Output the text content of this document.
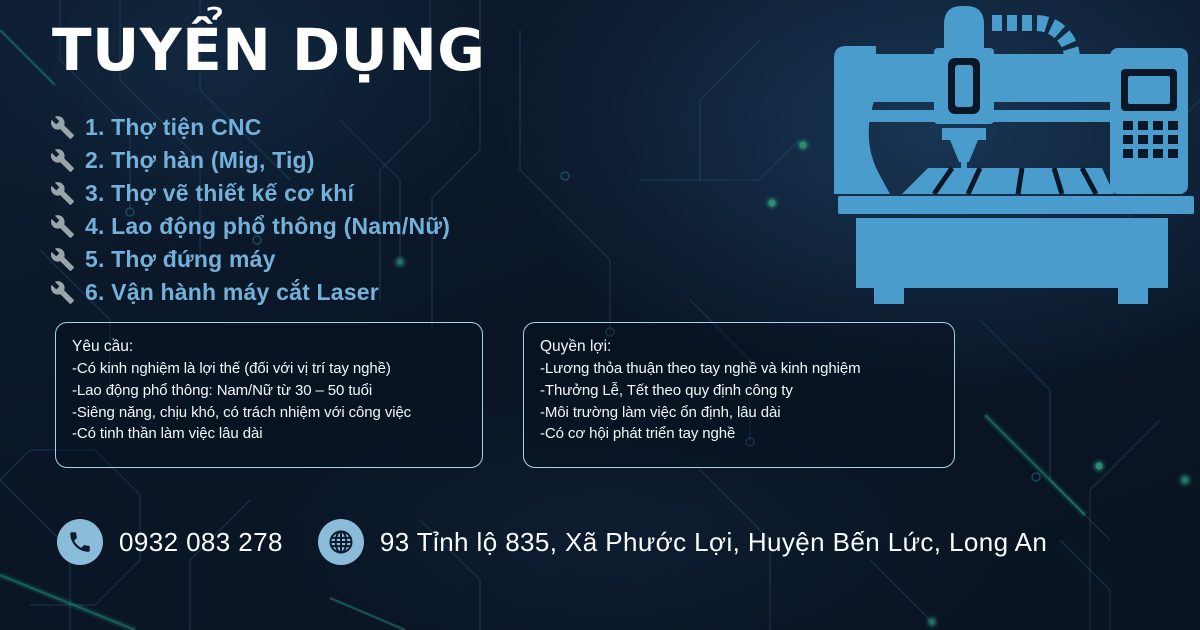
TUYỂN DỤNG
1. Thợ tiện CNC
2. Thợ hàn (Mig, Tig)
3. Thợ vẽ thiết kế cơ khí
4. Lao động phổ thông (Nam/Nữ)
5. Thợ đứng máy
6. Vận hành máy cắt Laser
Yêu cầu:
-Có kinh nghiệm là lợi thế (đối với vị trí tay nghề)
-Lao động phổ thông: Nam/Nữ từ 30 – 50 tuổi
-Siêng năng, chịu khó, có trách nhiệm với công việc
-Có tinh thần làm việc lâu dài
Quyền lợi:
-Lương thỏa thuận theo tay nghề và kinh nghiệm
-Thưởng Lễ, Tết theo quy định công ty
-Môi trường làm việc ổn định, lâu dài
-Có cơ hội phát triển tay nghề
0932 083 278	93 Tỉnh lộ 835, Xã Phước Lợi, Huyện Bến Lức, Long An
